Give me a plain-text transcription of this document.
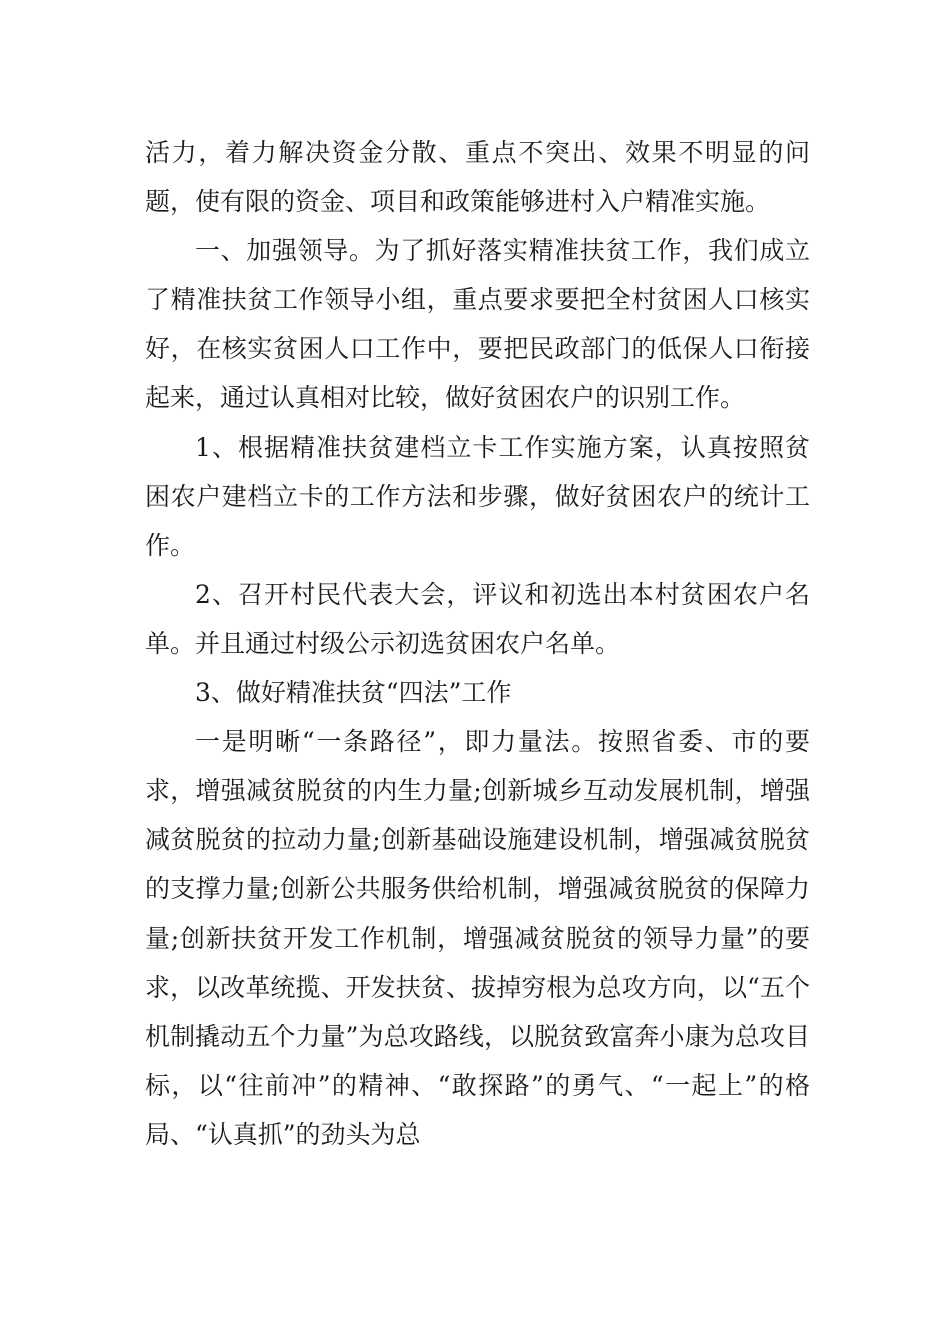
活力，着力解决资金分散、重点不突出、效果不明显的问题，使有限的资金、项目和政策能够进村入户精准实施。

一、加强领导。为了抓好落实精准扶贫工作，我们成立了精准扶贫工作领导小组，重点要求要把全村贫困人口核实好，在核实贫困人口工作中，要把民政部门的低保人口衔接起来，通过认真相对比较，做好贫困农户的识别工作。

1、根据精准扶贫建档立卡工作实施方案，认真按照贫困农户建档立卡的工作方法和步骤，做好贫困农户的统计工作。

2、召开村民代表大会，评议和初选出本村贫困农户名单。并且通过村级公示初选贫困农户名单。

3、做好精准扶贫“四法”工作

一是明晰“一条路径”，即力量法。按照省委、市的要求，增强减贫脱贫的内生力量;创新城乡互动发展机制，增强减贫脱贫的拉动力量;创新基础设施建设机制，增强减贫脱贫的支撑力量;创新公共服务供给机制，增强减贫脱贫的保障力量;创新扶贫开发工作机制，增强减贫脱贫的领导力量”的要求，以改革统揽、开发扶贫、拔掉穷根为总攻方向，以“五个机制撬动五个力量”为总攻路线，以脱贫致富奔小康为总攻目标，以“往前冲”的精神、“敢探路”的勇气、“一起上”的格局、“认真抓”的劲头为总
